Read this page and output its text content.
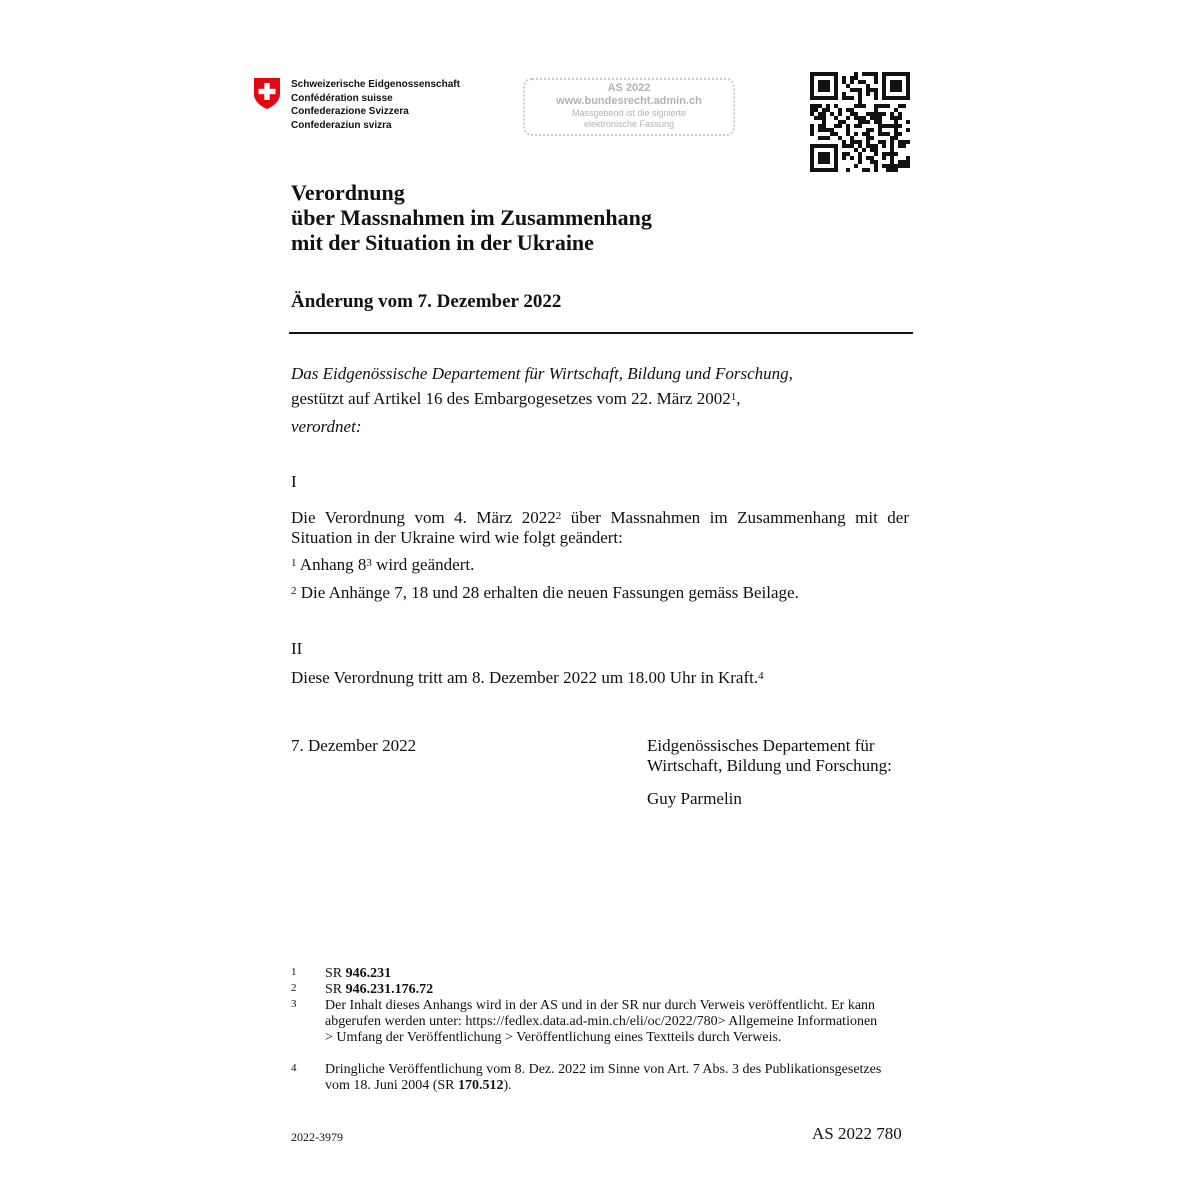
Schweizerische Eidgenossenschaft
Confédération suisse
Confederazione Svizzera
Confederaziun svizra
AS 2022
www.bundesrecht.admin.ch
Massgebend ist die signierte
elektronische Fassung
Verordnung
über Massnahmen im Zusammenhang
mit der Situation in der Ukraine
Änderung vom 7. Dezember 2022
Das Eidgenössische Departement für Wirtschaft, Bildung und Forschung,
gestützt auf Artikel 16 des Embargogesetzes vom 22. März 2002$^1$,
verordnet:
I
Die Verordnung vom 4. März 2022$^2$ über Massnahmen im Zusammenhang mit der Situation in der Ukraine wird wie folgt geändert:
$^1$ Anhang $8^3$ wird geändert.
$^2$ Die Anhänge 7, 18 und 28 erhalten die neuen Fassungen gemäss Beilage.
II
Diese Verordnung tritt am 8. Dezember 2022 um 18.00 Uhr in Kraft.$^4$
7. Dezember 2022	Eidgenössisches Departement für
Wirtschaft, Bildung und Forschung:
Guy Parmelin
1 SR 946.231
2 SR 946.231.176.72
3 Der Inhalt dieses Anhangs wird in der AS und in der SR nur durch Verweis veröffentlicht. Er kann abgerufen werden unter: https://fedlex.data.ad-min.ch/eli/oc/2022/780> Allgemeine Informationen > Umfang der Veröffentlichung > Veröffentlichung eines Textteils durch Verweis.
4 Dringliche Veröffentlichung vom 8. Dez. 2022 im Sinne von Art. 7 Abs. 3 des Publikationsgesetzes vom 18. Juni 2004 (SR 170.512).
2022-3979	AS 2022 780
